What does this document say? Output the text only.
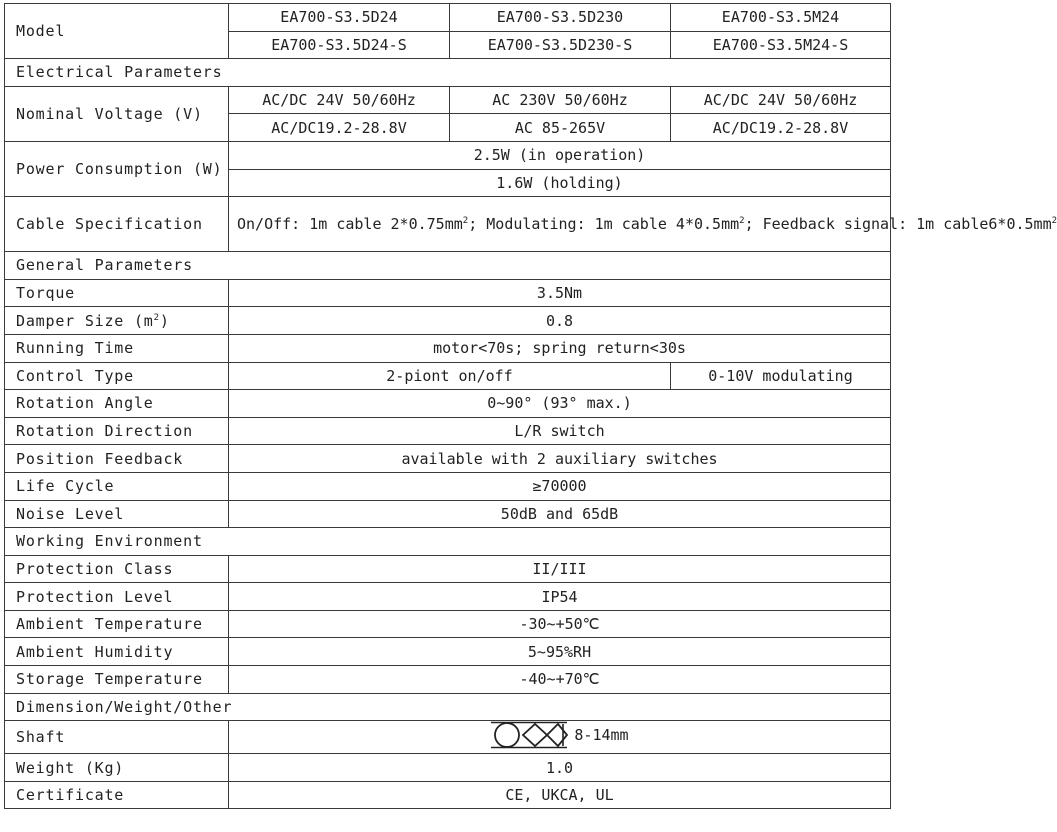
Model	EA700-S3.5D24	EA700-S3.5D230	EA700-S3.5M24
	EA700-S3.5D24-S	EA700-S3.5D230-S	EA700-S3.5M24-S
Electrical Parameters			
Nominal Voltage (V)	AC/DC 24V 50/60Hz	AC 230V 50/60Hz	AC/DC 24V 50/60Hz
	AC/DC19.2-28.8V	AC 85-265V	AC/DC19.2-28.8V
Power Consumption (W)	2.5W (in operation)		
	1.6W (holding)		
Cable Specification	On/Off: 1m cable $2*0.75mm^2$; Modulating: 1m cable $4*0.5mm^2$; Feedback signal: 1m $cable6*0.5mm^2$
General Parameters			
Torque	3.5Nm		
Damper Size $(m^2)$	0.8		
Running Time	motor<70s; spring return<30s		
Control Type	2-piont on/off		0-10V modulating
Rotation Angle	0~90° (93° max.)		
Rotation Direction	L/R switch		
Position Feedback	available with 2 auxiliary switches		
Life Cycle	≥70000		
Noise Level	50dB and 65dB		
Working Environment			
Protection Class	II/III		
Protection Level	IP54		
Ambient Temperature	-30~+50℃		
Ambient Humidity	5~95%RH		
Storage Temperature	-40~+70℃		
Dimension/Weight/Other			
Shaft	8-14mm		

Weight (Kg)	1.0		
Certificate	CE, UKCA, UL		
